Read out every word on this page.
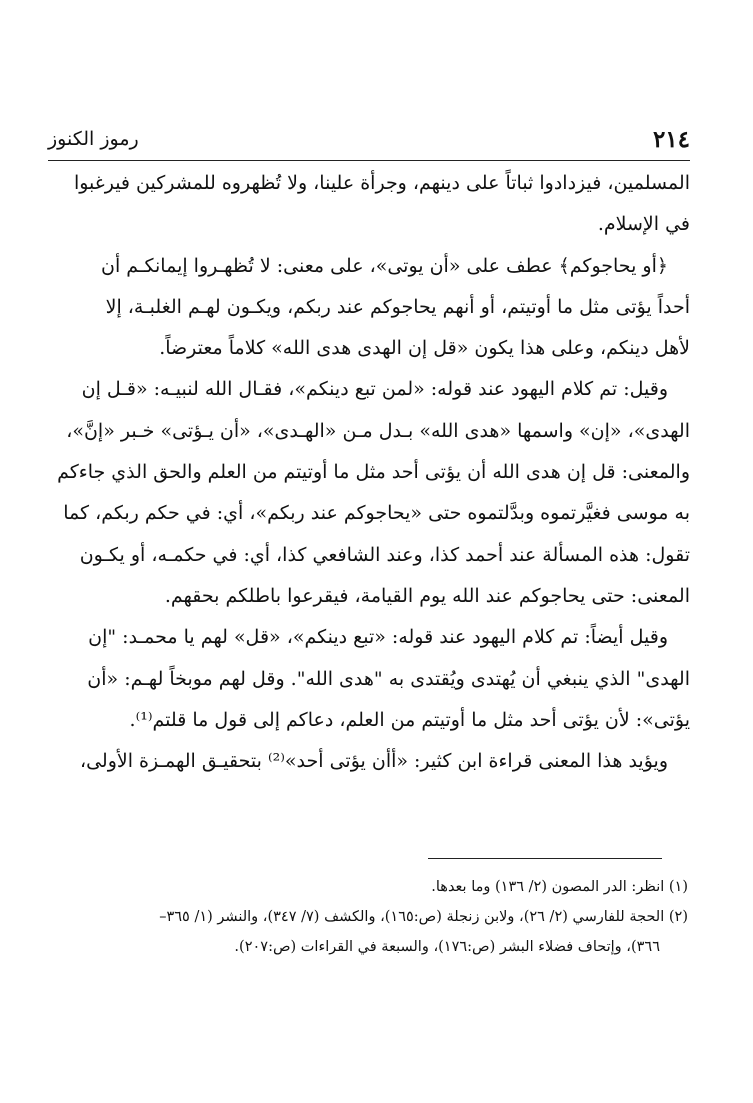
٢١٤
رموز الكنوز
المسلمين، فيزدادوا ثباتاً على دينهم، وجرأة علينا، ولا تُظهروه للمشركين فيرغبوا
في الإسلام.
﴿أو يحاجوكم﴾ عطف على «أن يوتى»، على معنى: لا تُظهـروا إيمانكـم أن
أحداً يؤتى مثل ما أوتيتم، أو أنهم يحاجوكم عند ربكم، ويكـون لهـم الغلبـة، إلا
لأهل دينكم، وعلى هذا يكون «قل إن الهدى هدى الله» كلاماً معترضاً.
وقيل: تم كلام اليهود عند قوله: «لمن تبع دينكم»، فقـال الله لنبيـه: «قـل إن
الهدى»، «إن» واسمها «هدى الله» بـدل مـن «الهـدى»، «أن يـؤتى» خـبر «إنَّ»،
والمعنى: قل إن هدى الله أن يؤتى أحد مثل ما أوتيتم من العلم والحق الذي جاءكم
به موسى فغيَّرتموه وبدَّلتموه حتى «يحاجوكم عند ربكم»، أي: في حكم ربكم، كما
تقول: هذه المسألة عند أحمد كذا، وعند الشافعي كذا، أي: في حكمـه، أو يكـون
المعنى: حتى يحاجوكم عند الله يوم القيامة، فيقرعوا باطلكم بحقهم.
وقيل أيضاً: تم كلام اليهود عند قوله: «تبع دينكم»، «قل» لهم يا محمـد: "إن
الهدى" الذي ينبغي أن يُهتدى ويُقتدى به "هدى الله". وقل لهم موبخاً لهـم: «أن
يؤتى»: لأن يؤتى أحد مثل ما أوتيتم من العلم، دعاكم إلى قول ما قلتم⁽¹⁾.
ويؤيد هذا المعنى قراءة ابن كثير: «أأن يؤتى أحد»⁽²⁾ بتحقيـق الهمـزة الأولى،
(١) انظر: الدر المصون (٢/ ١٣٦) وما بعدها.
(٢) الحجة للفارسي (٢/ ٢٦)، ولابن زنجلة (ص:١٦٥)، والكشف (٧/ ٣٤٧)، والنشر (١/ ٣٦٥–
٣٦٦)، وإتحاف فضلاء البشر (ص:١٧٦)، والسبعة في القراءات (ص:٢٠٧).
